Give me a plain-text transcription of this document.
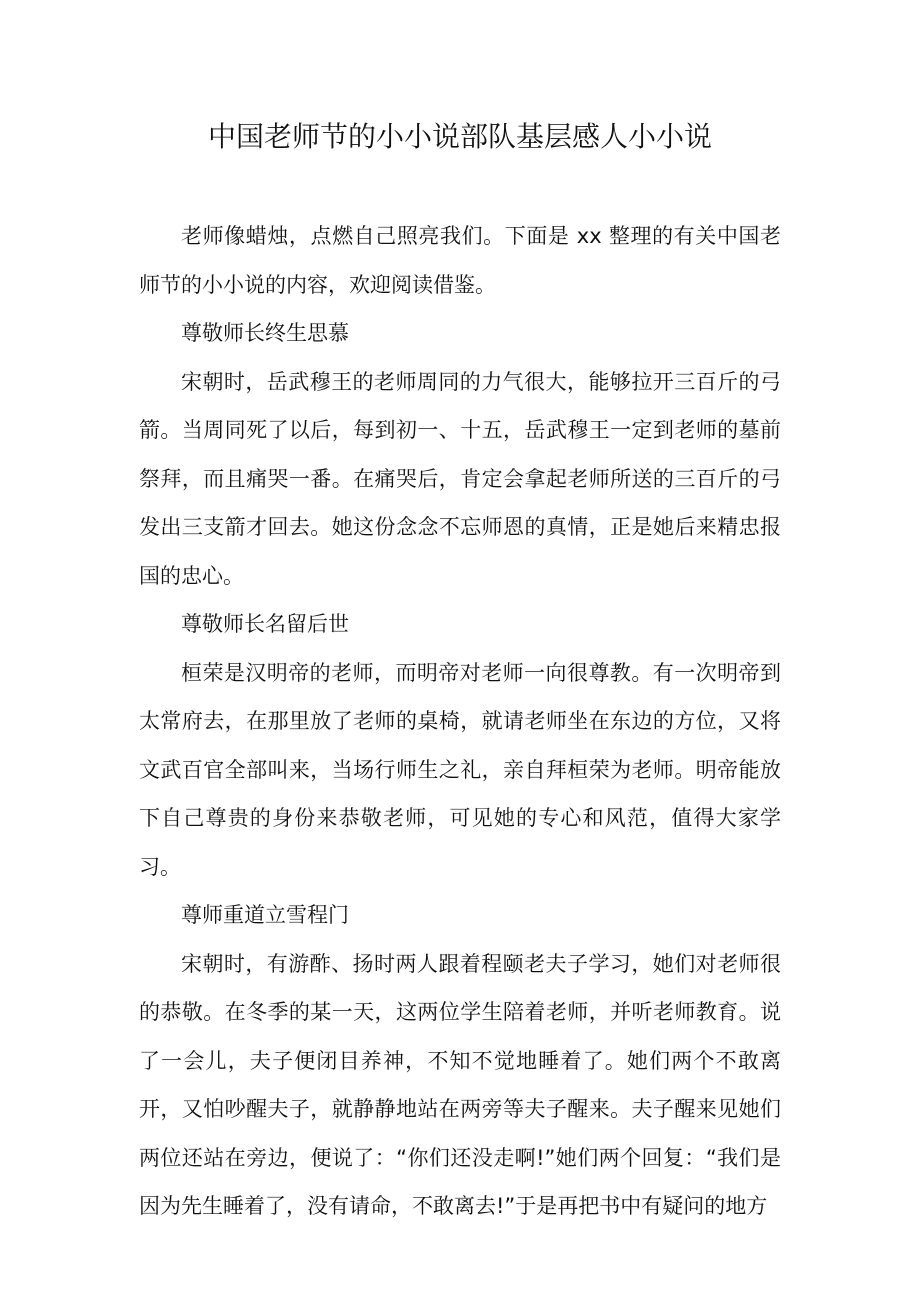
中国老师节的小小说部队基层感人小小说

老师像蜡烛，点燃自己照亮我们。下面是 xx 整理的有关中国老师节的小小说的内容，欢迎阅读借鉴。

尊敬师长终生思慕

宋朝时，岳武穆王的老师周同的力气很大，能够拉开三百斤的弓箭。当周同死了以后，每到初一、十五，岳武穆王一定到老师的墓前祭拜，而且痛哭一番。在痛哭后，肯定会拿起老师所送的三百斤的弓发出三支箭才回去。她这份念念不忘师恩的真情，正是她后来精忠报国的忠心。

尊敬师长名留后世

桓荣是汉明帝的老师，而明帝对老师一向很尊教。有一次明帝到太常府去，在那里放了老师的桌椅，就请老师坐在东边的方位，又将文武百官全部叫来，当场行师生之礼，亲自拜桓荣为老师。明帝能放下自己尊贵的身份来恭敬老师，可见她的专心和风范，值得大家学习。

尊师重道立雪程门

宋朝时，有游酢、扬时两人跟着程颐老夫子学习，她们对老师很的恭敬。在冬季的某一天，这两位学生陪着老师，并听老师教育。说了一会儿，夫子便闭目养神，不知不觉地睡着了。她们两个不敢离开，又怕吵醒夫子，就静静地站在两旁等夫子醒来。夫子醒来见她们两位还站在旁边，便说了：“你们还没走啊!”她们两个回复：“我们是因为先生睡着了，没有请命，不敢离去!”于是再把书中有疑问的地方
